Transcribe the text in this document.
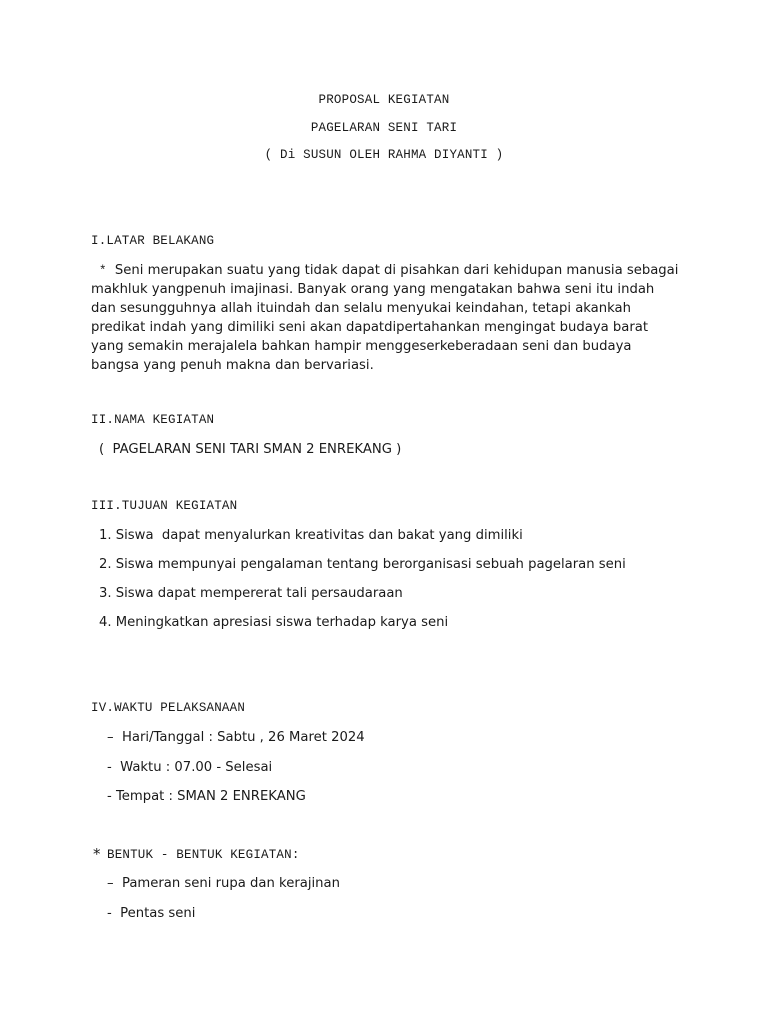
PROPOSAL KEGIATAN
PAGELARAN SENI TARI
( Di SUSUN OLEH RAHMA DIYANTI )
I.LATAR BELAKANG
* Seni merupakan suatu yang tidak dapat di pisahkan dari kehidupan manusia sebagai makhluk yangpenuh imajinasi. Banyak orang yang mengatakan bahwa seni itu indah dan sesungguhnya allah ituindah dan selalu menyukai keindahan, tetapi akankah predikat indah yang dimiliki seni akan dapatdipertahankan mengingat budaya barat yang semakin merajalela bahkan hampir menggeserkeberadaan seni dan budaya bangsa yang penuh makna dan bervariasi.
II.NAMA KEGIATAN
(  PAGELARAN SENI TARI SMAN 2 ENREKANG )
III.TUJUAN KEGIATAN
1. Siswa  dapat menyalurkan kreativitas dan bakat yang dimiliki
2. Siswa mempunyai pengalaman tentang berorganisasi sebuah pagelaran seni
3. Siswa dapat mempererat tali persaudaraan
4. Meningkatkan apresiasi siswa terhadap karya seni
IV.WAKTU PELAKSANAAN
–  Hari/Tanggal : Sabtu , 26 Maret 2024
-  Waktu : 07.00 - Selesai
- Tempat : SMAN 2 ENREKANG
* BENTUK - BENTUK KEGIATAN:
–  Pameran seni rupa dan kerajinan
-  Pentas seni
